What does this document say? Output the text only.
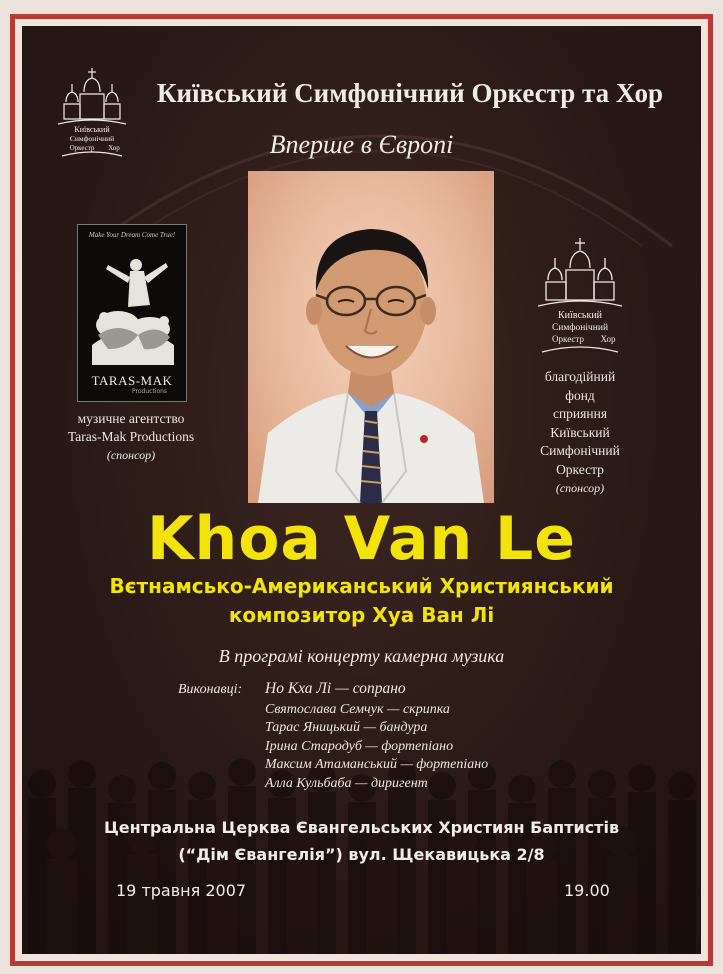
Київський
Симфонічний
Оркестр Хор
Київський Симфонічний Оркестр та Хор
Вперше в Європі
Make Your Dream Come True!
TARAS-MAK
Productions
музичне агентство
Taras-Mak Productions
(спонсор)
Київський
Симфонічний
Оркестр Хор
благодійний
фонд
сприяння
Київський
Симфонічний
Оркестр
(спонсор)
Khoa Van Le
Вєтнамсько-Американський Християнський
композитор Хуа Ван Лі
В програмі концерту камерна музика
Виконавці: Но Кха Лі — сопрано
Святослава Семчук — скрипка
Тарас Яницький — бандура
Ірина Стародуб — фортепіано
Максим Атаманський — фортепіано
Алла Кульбаба — диригент
Центральна Церква Євангельських Християн Баптистів
(“Дім Євангелія”) вул. Щекавицька 2/8
19 травня 2007	19.00
